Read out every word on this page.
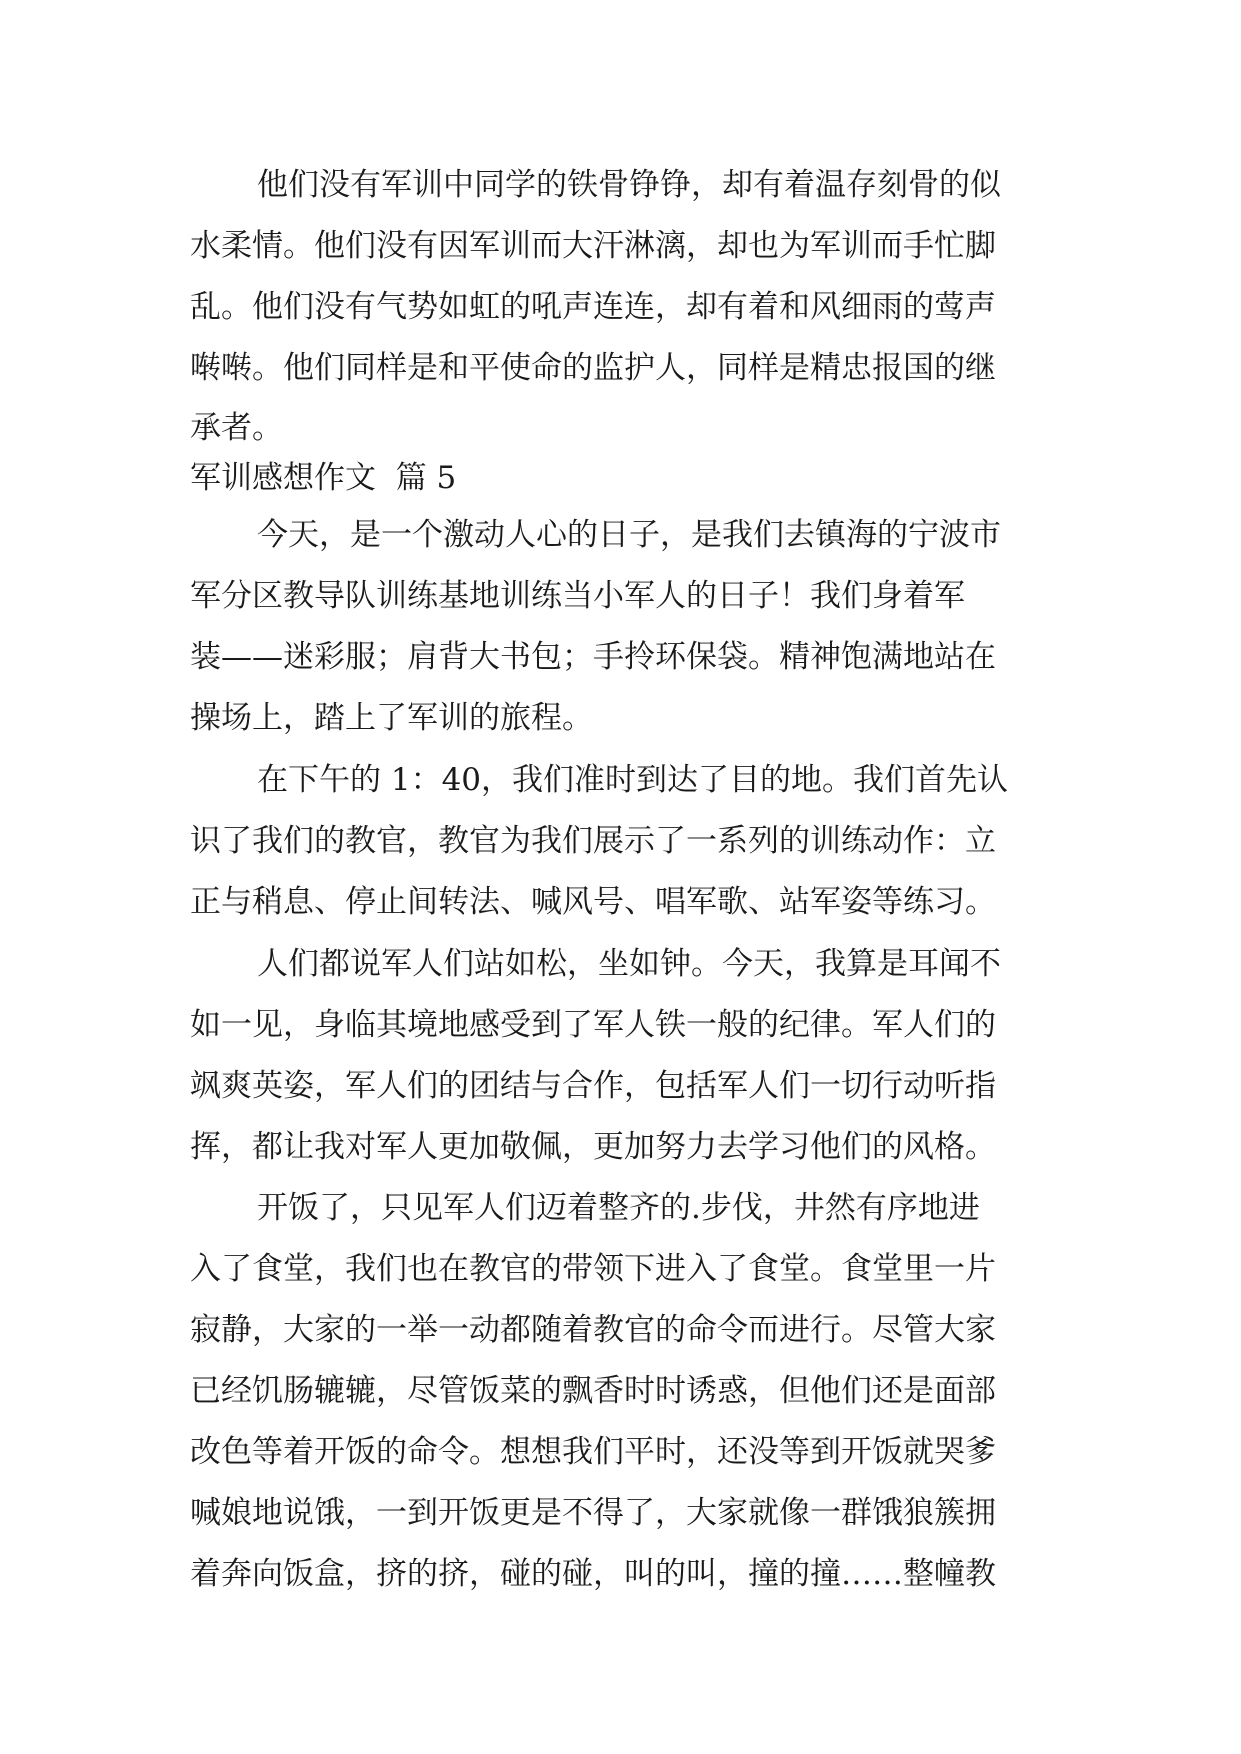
他们没有军训中同学的铁骨铮铮，却有着温存刻骨的似
水柔情。他们没有因军训而大汗淋漓，却也为军训而手忙脚
乱。他们没有气势如虹的吼声连连，却有着和风细雨的莺声
啭啭。他们同样是和平使命的监护人，同样是精忠报国的继
承者。
军训感想作文  篇 5
今天，是一个激动人心的日子，是我们去镇海的宁波市
军分区教导队训练基地训练当小军人的日子！我们身着军
装——迷彩服；肩背大书包；手拎环保袋。精神饱满地站在
操场上，踏上了军训的旅程。
在下午的 1：40，我们准时到达了目的地。我们首先认
识了我们的教官，教官为我们展示了一系列的训练动作：立
正与稍息、停止间转法、喊风号、唱军歌、站军姿等练习。
人们都说军人们站如松，坐如钟。今天，我算是耳闻不
如一见，身临其境地感受到了军人铁一般的纪律。军人们的
飒爽英姿，军人们的团结与合作，包括军人们一切行动听指
挥，都让我对军人更加敬佩，更加努力去学习他们的风格。
开饭了，只见军人们迈着整齐的.步伐，井然有序地进
入了食堂，我们也在教官的带领下进入了食堂。食堂里一片
寂静，大家的一举一动都随着教官的命令而进行。尽管大家
已经饥肠辘辘，尽管饭菜的飘香时时诱惑，但他们还是面部
改色等着开饭的命令。想想我们平时，还没等到开饭就哭爹
喊娘地说饿，一到开饭更是不得了，大家就像一群饿狼簇拥
着奔向饭盒，挤的挤，碰的碰，叫的叫，撞的撞……整幢教
